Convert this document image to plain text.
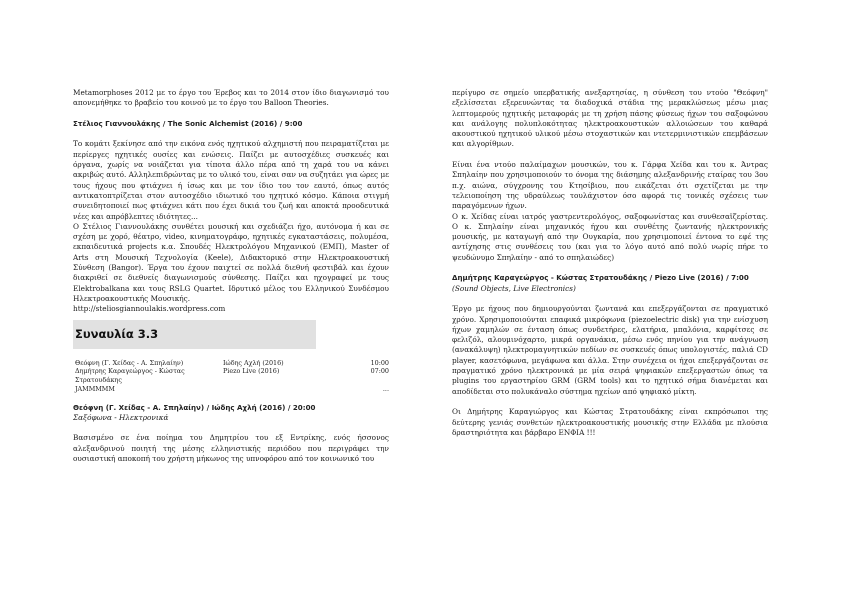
Metamorphoses 2012 με το έργο του Έρεβος και το 2014 στον ίδιο διαγωνισμό του απονεμήθηκε το βραβείο του κοινού με το έργο του Balloon Theories.

Στέλιος Γιαννουλάκης / The Sonic Alchemist (2016) / 9:00

Το κομάτι ξεκίνησε από την εικόνα ενός ηχητικού αλχημιστή που πειραματίζεται με περίεργες ηχητικές ουσίες και ενώσεις. Παίζει με αυτοσχέδιες συσκευές και όργανα, χωρίς να νοιάζεται για τίποτα άλλο πέρα από τη χαρά του να κάνει ακριβώς αυτό. Αλληλεπιδρώντας με το υλικό του, είναι σαν να συζητάει για ώρες με τους ήχους που φτιάχνει ή ίσως και με τον ίδιο του τον εαυτό, όπως αυτός αντικατοπτρίζεται στον αυτοσχέδιο ιδιωτικό του ηχητικό κόσμο. Κάποια στιγμή συνειδητοποιεί πως φτιάχνει κάτι που έχει δικιά του ζωή και αποκτά προοδευτικά νέες και απρόβλεπτες ιδιότητες...

Ο Στέλιος Γιαννουλάκης συνθέτει μουσική και σχεδιάζει ήχο, αυτόνομα ή και σε σχέση με χορό, θέατρο, video, κινηματογράφο, ηχητικές εγκαταστάσεις, πολυμέσα, εκπαιδευτικά projects κ.α. Σπουδές Ηλεκτρολόγου Μηχανικού (ΕΜΠ), Master of Arts στη Μουσική Τεχνολογία (Keele), Διδακτορικό στην Ηλεκτροακουστική Σύνθεση (Bangor). Έργα του έχουν παιχτεί σε πολλά διεθνή φεστιβάλ και έχουν διακριθεί σε διεθνείς διαγωνισμούς σύνθεσης. Παίζει και ηχογραφεί με τους Elektrobalkana και τους RSLG Quartet. Ιδρυτικό μέλος του Ελληνικού Συνδέσμου Ηλεκτροακουστικής Μουσικής.

http://steliosgiannoulakis.wordpress.com

Συναυλία 3.3
Θεόφνη (Γ. Χείδας - Α. Σπηλαίην)
Δημήτρης Καραγεώργος - Κώστας
Στρατουδάκης
JAMMMMM
Ιώδης Αχλή (2016)
Piezo Live (2016)
10:00
07:00

...
Θεόφνη (Γ. Χείδας - Α. Σπηλαίην) / Ιώδης Αχλή (2016) / 20:00
Σαξόφωνα - Ηλεκτρονικά

Βασισμένο σε ένα ποίημα του Δημητρίου του εξ Εντρίκης, ενός ήσσονος αλεξανδρινού ποιητή της μέσης ελληνιστικής περιόδου που περιγράφει την ουσιαστική αποκοπή του χρήστη μήκωνος της υπνοφόρου από τον κοινωνικό του

περίγυρο σε σημείο υπερβατικής ανεξαρτησίας, η σύνθεση του ντούο "Θεόφνη" εξελίσσεται εξερευνώντας τα διαδοχικά στάδια της μερακλώσεως μέσω μιας λεπτομερούς ηχητικής μεταφοράς με τη χρήση πάσης φύσεως ήχων του σαξοφώνου και ανάλογης πολυπλοκότητας ηλεκτροακουστικών αλλοιώσεων του καθαρά ακουστικού ηχητικού υλικού μέσω στοχαστικών και ντετερμινιστικών επεμβάσεων και αλγορίθμων.

Είναι ένα ντούο παλαίμαχων μουσικών, του κ. Γάρφα Χείδα και του κ. Άντρας Σπηλαίην που χρησιμοποιούν το όνομα της διάσημης αλεξανδρινής εταίρας του 3ου π.χ. αιώνα, σύγχρονης του Κτησίβιου, που εικάζεται ότι σχετίζεται με την τελειοποίηση της υδραύλεως τουλάχιστον όσο αφορά τις τονικές σχέσεις των παραγόμενων ήχων.

Ο κ. Χείδας είναι ιατρός γαστρεντερολόγος, σαξοφωνίστας και συνθεσαϊζερίστας. Ο κ. Σπηλαίην είναι μηχανικός ήχου και συνθέτης ζωντανής ηλεκτρονικής μουσικής, με καταγωγή από την Ουγκαρία, που χρησιμοποιεί έντονα το εφέ της αντίχησης στις συνθέσεις του (και για το λόγο αυτό από πολύ νωρίς πήρε το ψευδώνυμο Σπηλαίην - από το σπηλαιώδες)

Δημήτρης Καραγεώργος - Κώστας Στρατουδάκης / Piezo Live (2016) / 7:00
(Sound Objects, Live Electronics)

Έργο με ήχους που δημιουργούνται ζωντανά και επεξεργάζονται σε πραγματικό χρόνο. Χρησιμοποιούνται επαφικά μικρόφωνα (piezoelectric disk) για την ενίσχυση ήχων χαμηλών σε ένταση όπως συνδετήρες, ελατήρια, μπαλόνια, καρφίτσες σε φελιζόλ, αλουμινόχαρτο, μικρά οργανάκια, μέσω ενός πηνίου για την ανάγνωση (ανακάλυψη) ηλεκτρομαγνητικών πεδίων σε συσκευές όπως υπολογιστές, παλιά CD player, κασετόφωνα, μεγάφωνα και άλλα. Στην συνέχεια οι ήχοι επεξεργάζονται σε πραγματικό χρόνο ηλεκτρονικά με μία σειρά ψηφιακών επεξεργαστών όπως τα plugins του εργαστηρίου GRM (GRM tools) και το ηχητικό σήμα διανέμεται και αποδίδεται στο πολυκάναλο σύστημα ηχείων από ψηφιακό μίκτη.

Οι Δημήτρης Καραγιώργος και Κώστας Στρατουδάκης είναι εκπρόσωποι της δεύτερης γενιάς συνθετών ηλεκτροακουστικής μουσικής στην Ελλάδα με πλούσια δραστηριότητα και βάρβαρο ΕΝΦΙΑ !!!
